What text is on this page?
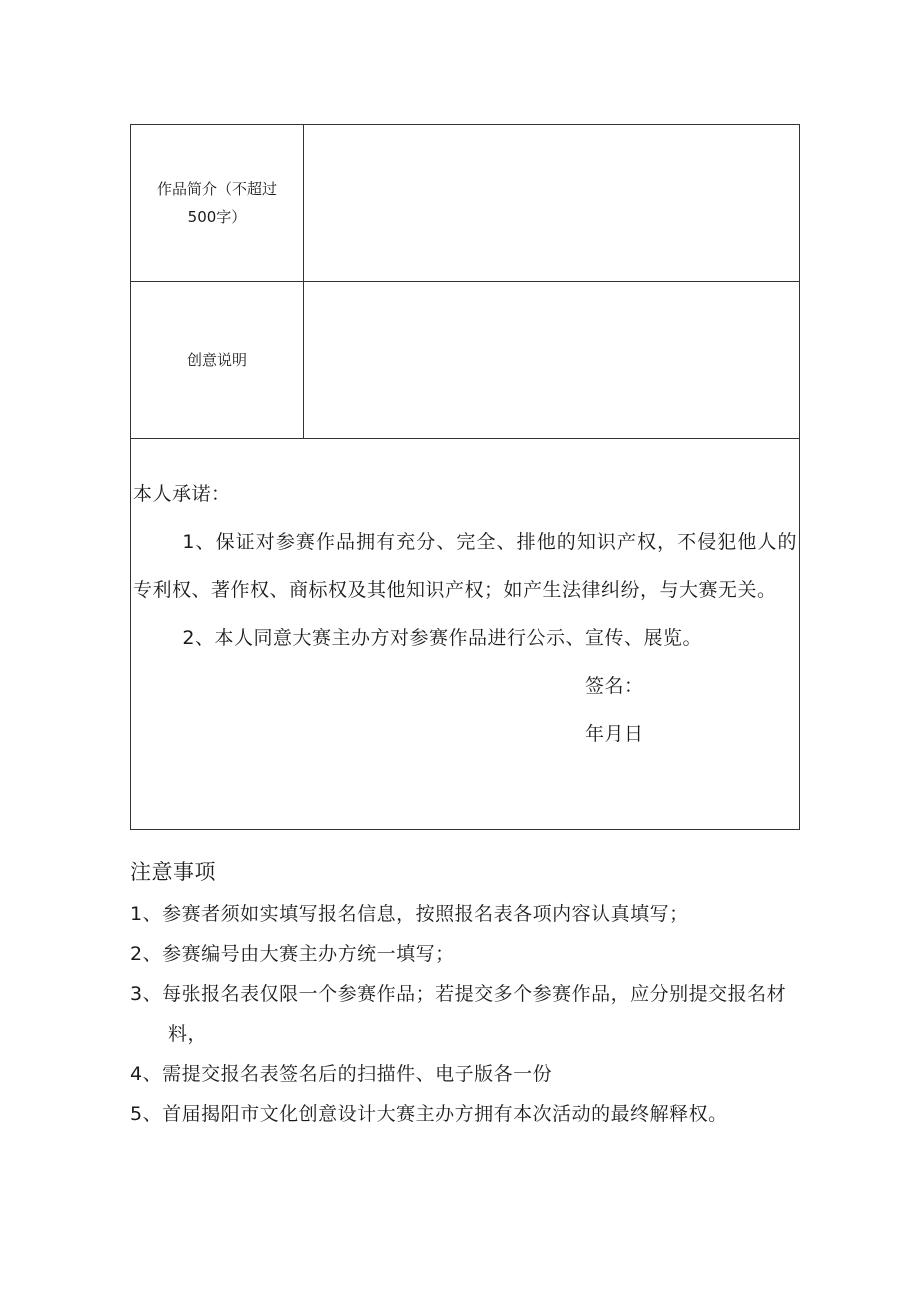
作品简介（不超过
500字）	

创意说明	

本人承诺：

1、保证对参赛作品拥有充分、完全、排他的知识产权，不侵犯他人的专利权、著作权、商标权及其他知识产权；如产生法律纠纷，与大赛无关。

2、本人同意大赛主办方对参赛作品进行公示、宣传、展览。

签名：

年月日	

注意事项

1、参赛者须如实填写报名信息，按照报名表各项内容认真填写；

2、参赛编号由大赛主办方统一填写；

3、每张报名表仅限一个参赛作品；若提交多个参赛作品，应分别提交报名材料，

4、需提交报名表签名后的扫描件、电子版各一份

5、首届揭阳市文化创意设计大赛主办方拥有本次活动的最终解释权。
